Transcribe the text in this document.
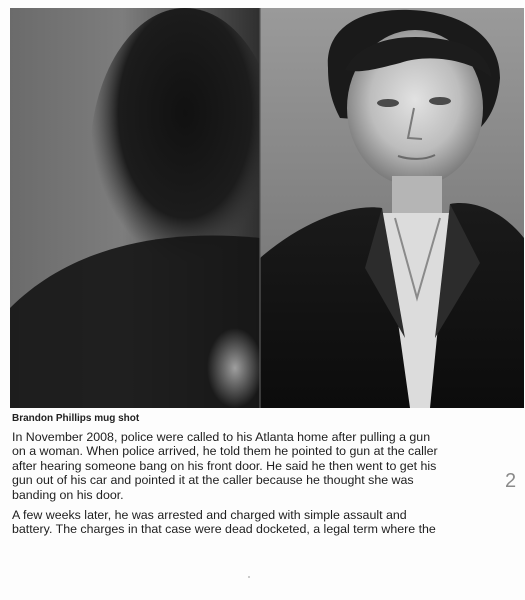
Brandon Phillips mug shot

In November 2008, police were called to his Atlanta home after pulling a gun
on a woman. When police arrived, he told them he pointed to gun at the caller
after hearing someone bang on his front door. He said he then went to get his
gun out of his car and pointed it at the caller because he thought she was
banding on his door.

A few weeks later, he was arrested and charged with simple assault and
battery. The charges in that case were dead docketed, a legal term where the

2
